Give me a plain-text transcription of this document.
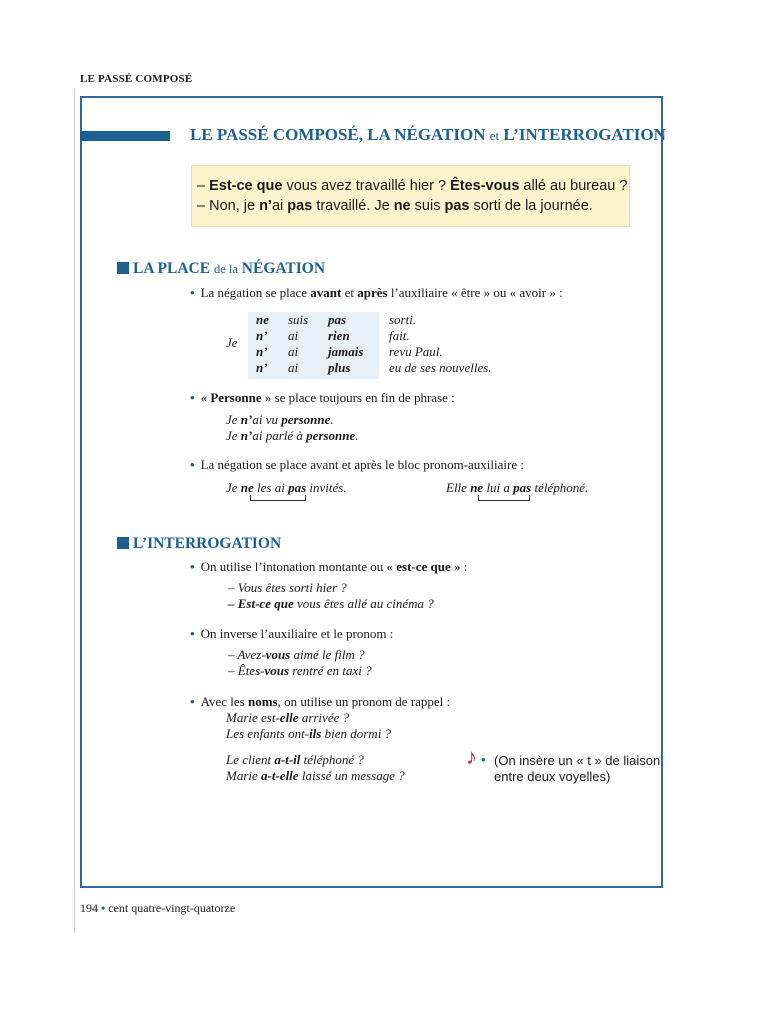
LE PASSÉ COMPOSÉ
LE PASSÉ COMPOSÉ, LA NÉGATION et L’INTERROGATION
– Est-ce que vous avez travaillé hier ? Êtes-vous allé au bureau ?
– Non, je n’ai pas travaillé. Je ne suis pas sorti de la journée.
LA PLACE de la NÉGATION
• La négation se place avant et après l’auxiliaire « être » ou « avoir » :
Je
ne suis pas	sorti.
n’ ai rien	fait.
n’ ai jamais revu Paul.
n’ ai plus	eu de ses nouvelles.
• « Personne » se place toujours en fin de phrase :
Je n’ai vu personne.
Je n’ai parlé à personne.
• La négation se place avant et après le bloc pronom-auxiliaire :
Je ne les ai pas invités.	Elle ne lui a pas téléphoné.
L’INTERROGATION
• On utilise l’intonation montante ou « est-ce que » :
– Vous êtes sorti hier ?
– Est-ce que vous êtes allé au cinéma ?
• On inverse l’auxiliaire et le pronom :
– Avez-vous aimé le film ?
– Êtes-vous rentré en taxi ?
• Avec les noms, on utilise un pronom de rappel :
Marie est-elle arrivée ?
Les enfants ont-ils bien dormi ?
Le client a-t-il téléphoné ?
Marie a-t-elle laissé un message ?
♪ • (On insère un « t » de liaison
entre deux voyelles)
194 • cent quatre-vingt-quatorze
